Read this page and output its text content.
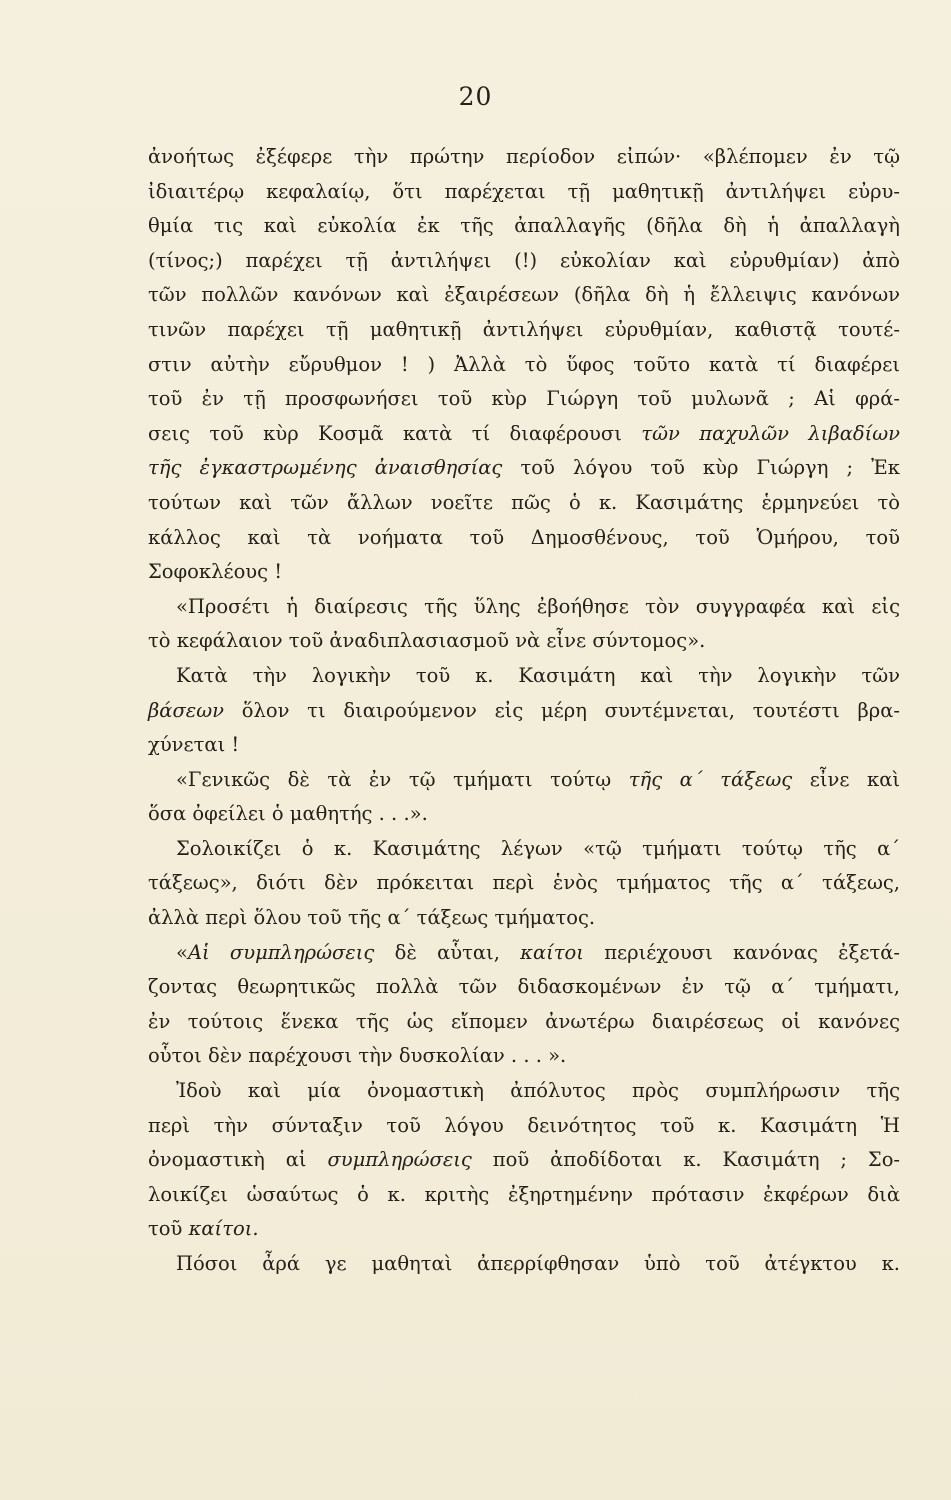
20

ἀνοήτως ἐξέφερε τὴν πρώτην περίοδον εἰπών· «βλέπομεν ἐν τῷ
ἰδιαιτέρῳ κεφαλαίῳ, ὅτι παρέχεται τῇ μαθητικῇ ἀντιλήψει εὐρυ-
θμία τις καὶ εὐκολία ἐκ τῆς ἀπαλλαγῆς (δῆλα δὴ ἡ ἀπαλλαγὴ
(τίνος;) παρέχει τῇ ἀντιλήψει (!) εὐκολίαν καὶ εὐρυθμίαν) ἀπὸ
τῶν πολλῶν κανόνων καὶ ἐξαιρέσεων (δῆλα δὴ ἡ ἔλλειψις κανόνων
τινῶν παρέχει τῇ μαθητικῇ ἀντιλήψει εὐρυθμίαν, καθιστᾷ τουτέ-
στιν αὐτὴν εὔρυθμον ! ) Ἀλλὰ τὸ ὕφος τοῦτο κατὰ τί διαφέρει
τοῦ ἐν τῇ προσφωνήσει τοῦ κὺρ Γιώργη τοῦ μυλωνᾶ ; Αἱ φρά-
σεις τοῦ κὺρ Κοσμᾶ κατὰ τί διαφέρουσι τῶν παχυλῶν λιβαδίων
τῆς ἐγκαστρωμένης ἀναισθησίας τοῦ λόγου τοῦ κὺρ Γιώργη ; Ἐκ
τούτων καὶ τῶν ἄλλων νοεῖτε πῶς ὁ κ. Κασιμάτης ἑρμηνεύει τὸ
κάλλος καὶ τὰ νοήματα τοῦ Δημοσθένους, τοῦ Ὁμήρου, τοῦ
Σοφοκλέους !

«Προσέτι ἡ διαίρεσις τῆς ὕλης ἐβοήθησε τὸν συγγραφέα καὶ εἰς
τὸ κεφάλαιον τοῦ ἀναδιπλασιασμοῦ νὰ εἶνε σύντομος».

Κατὰ τὴν λογικὴν τοῦ κ. Κασιμάτη καὶ τὴν λογικὴν τῶν
βάσεων ὅλον τι διαιρούμενον εἰς μέρη συντέμνεται, τουτέστι βρα-
χύνεται !

«Γενικῶς δὲ τὰ ἐν τῷ τμήματι τούτῳ τῆς α΄ τάξεως εἶνε καὶ
ὅσα ὀφείλει ὁ μαθητής . . .».

Σολοικίζει ὁ κ. Κασιμάτης λέγων «τῷ τμήματι τούτῳ τῆς α΄
τάξεως», διότι δὲν πρόκειται περὶ ἑνὸς τμήματος τῆς α΄ τάξεως,
ἀλλὰ περὶ ὅλου τοῦ τῆς α΄ τάξεως τμήματος.

«Αἱ συμπληρώσεις δὲ αὗται, καίτοι περιέχουσι κανόνας ἐξετά-
ζοντας θεωρητικῶς πολλὰ τῶν διδασκομένων ἐν τῷ α΄ τμήματι,
ἐν τούτοις ἕνεκα τῆς ὡς εἴπομεν ἀνωτέρω διαιρέσεως οἱ κανόνες
οὗτοι δὲν παρέχουσι τὴν δυσκολίαν . . . ».

Ἰδοὺ καὶ μία ὀνομαστικὴ ἀπόλυτος πρὸς συμπλήρωσιν τῆς
περὶ τὴν σύνταξιν τοῦ λόγου δεινότητος τοῦ κ. Κασιμάτη Ἡ
ὀνομαστικὴ αἱ συμπληρώσεις ποῦ ἀποδίδοται κ. Κασιμάτη ; Σο-
λοικίζει ὡσαύτως ὁ κ. κριτὴς ἐξηρτημένην πρότασιν ἐκφέρων διὰ
τοῦ καίτοι.

Πόσοι ἆρά γε μαθηταὶ ἀπερρίφθησαν ὑπὸ τοῦ ἀτέγκτου κ.
